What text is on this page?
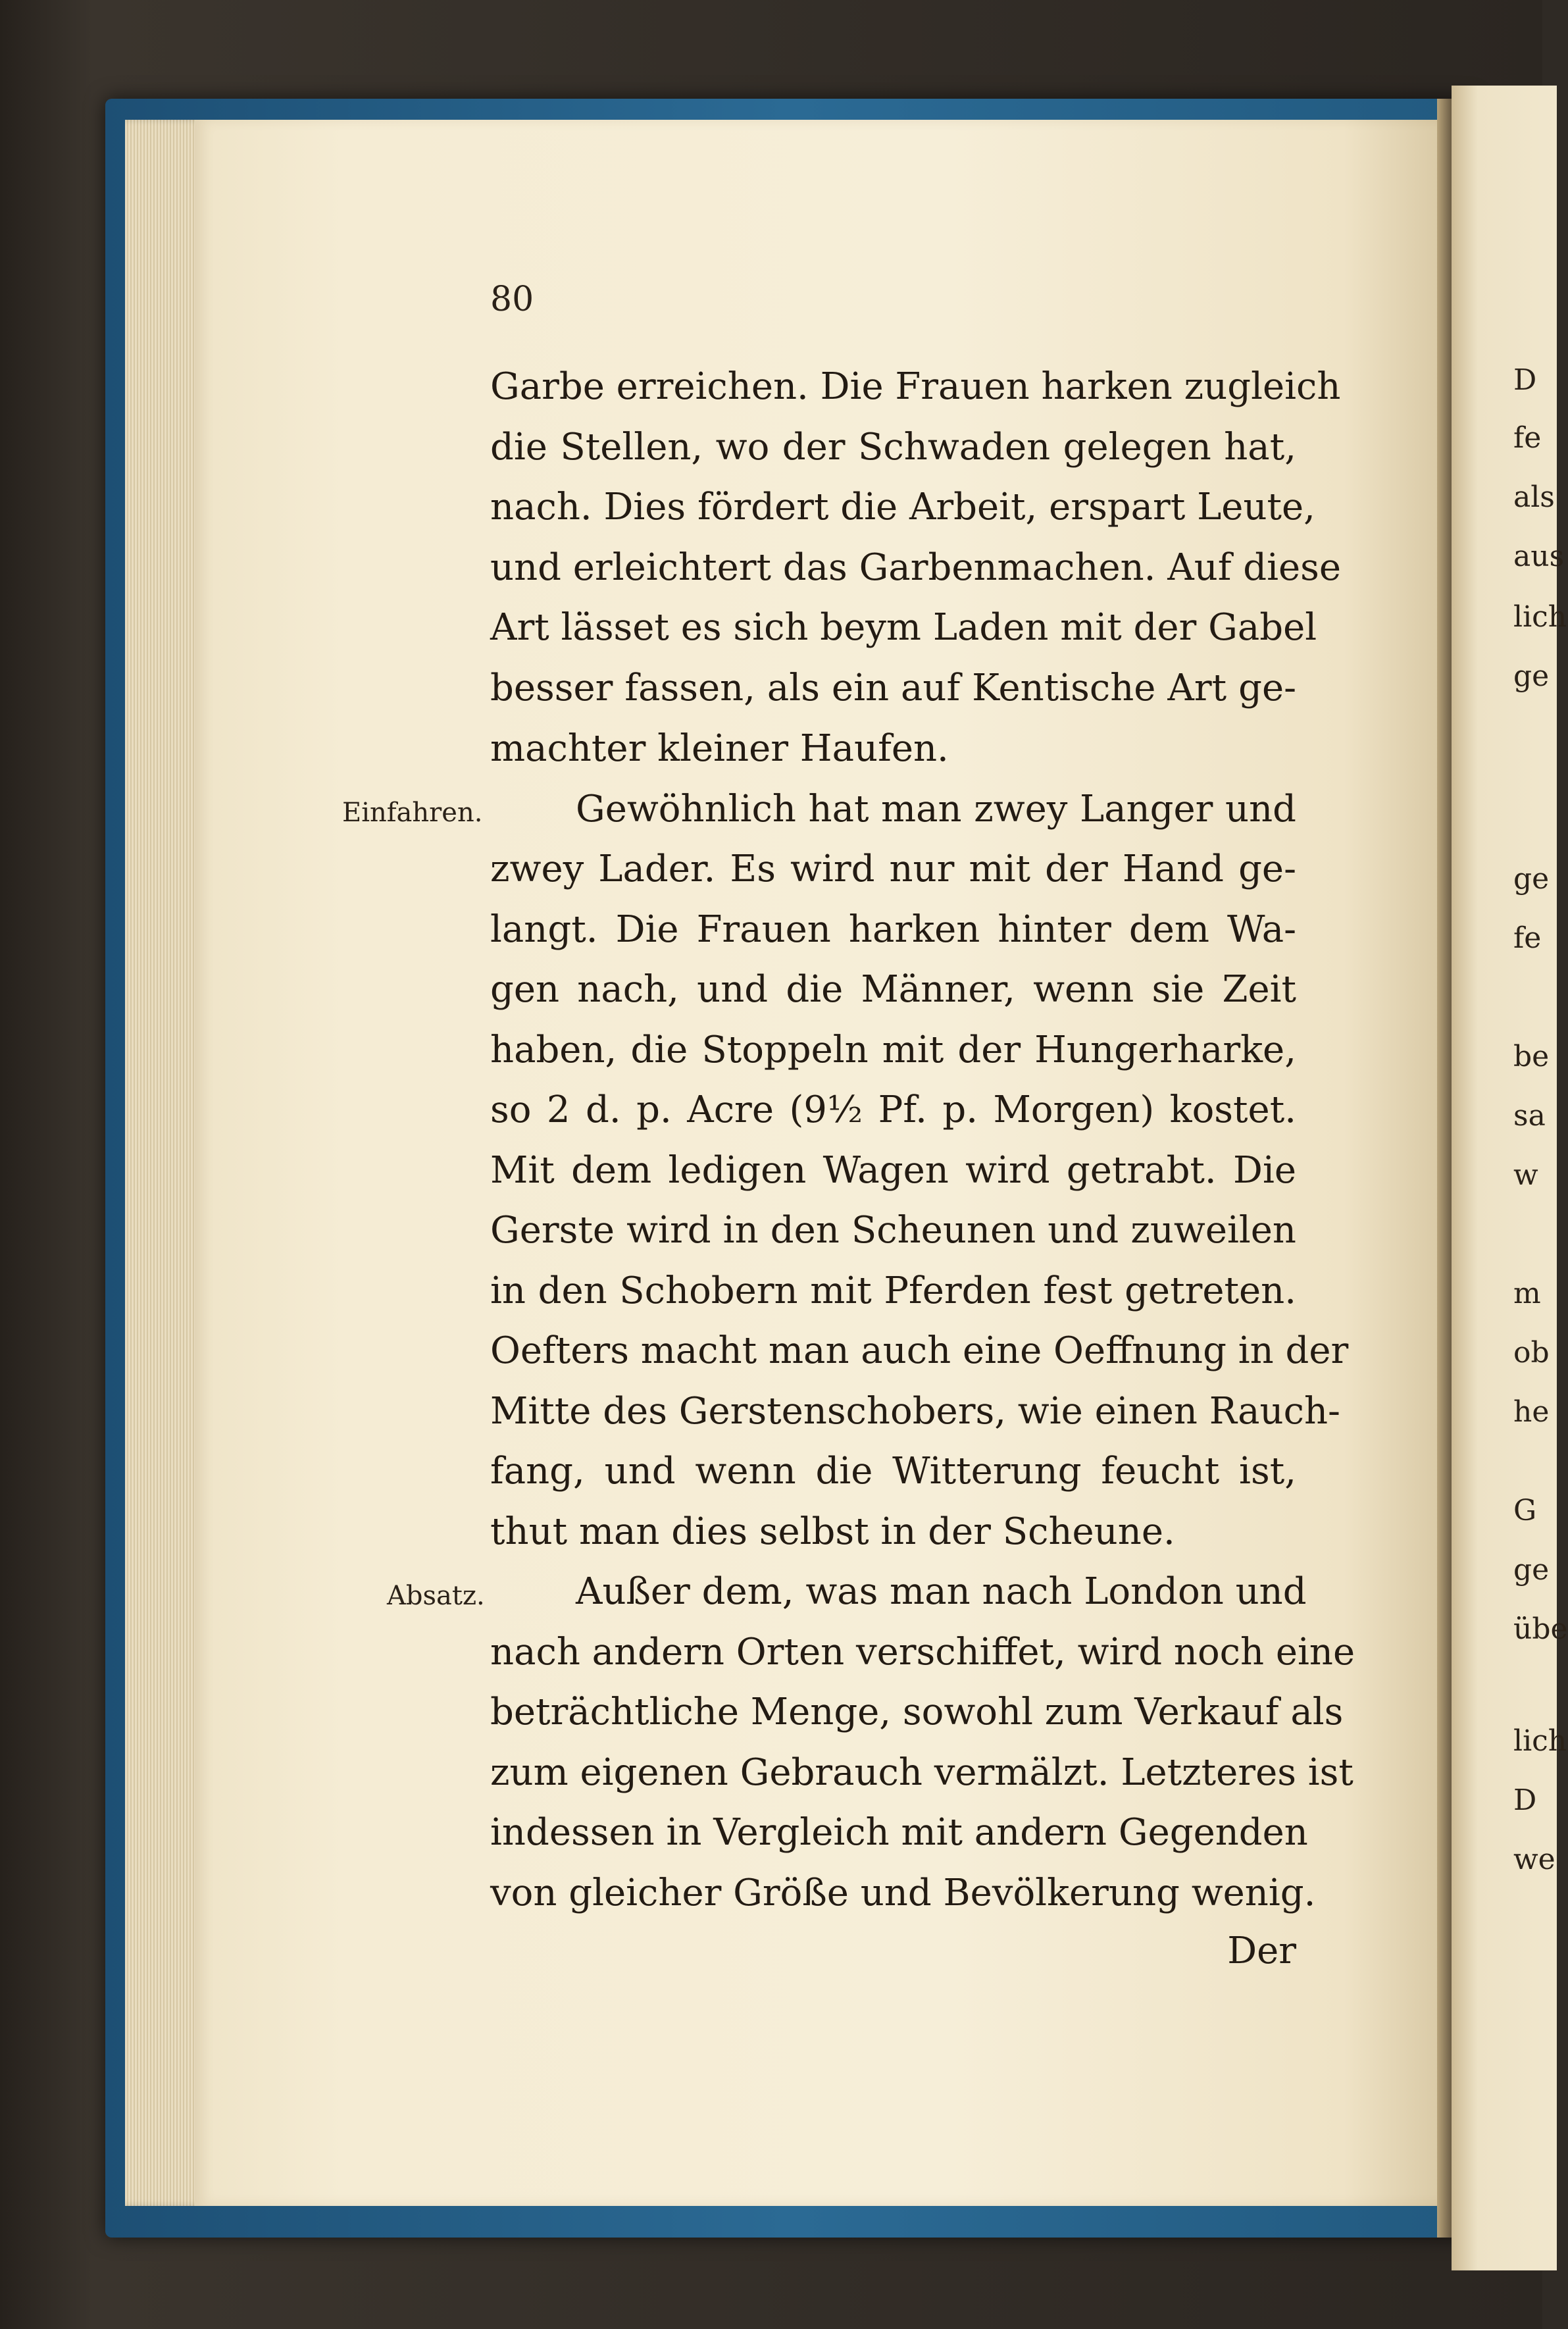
D
fe
als
aus
lich
ge
ge
fe
be
sa
w
m
ob
he
G
ge
übe
lich
D
we
80
Garbe erreichen. Die Frauen harken zugleich
die Stellen, wo der Schwaden gelegen hat,
nach. Dies fördert die Arbeit, erspart Leute,
und erleichtert das Garbenmachen. Auf diese
Art lässet es sich beym Laden mit der Gabel
besser fassen, als ein auf Kentische Art ge-
machter kleiner Haufen.
Einfahren.	Gewöhnlich hat man zwey Langer und
zwey Lader. Es wird nur mit der Hand ge-
langt. Die Frauen harken hinter dem Wa-
gen nach, und die Männer, wenn sie Zeit
haben, die Stoppeln mit der Hungerharke,
so 2 d. p. Acre (9½ Pf. p. Morgen) kostet.
Mit dem ledigen Wagen wird getrabt. Die
Gerste wird in den Scheunen und zuweilen
in den Schobern mit Pferden fest getreten.
Oefters macht man auch eine Oeffnung in der
Mitte des Gerstenschobers, wie einen Rauch-
fang, und wenn die Witterung feucht ist,
thut man dies selbst in der Scheune.
Absatz.	Außer dem, was man nach London und
nach andern Orten verschiffet, wird noch eine
beträchtliche Menge, sowohl zum Verkauf als
zum eigenen Gebrauch vermälzt. Letzteres ist
indessen in Vergleich mit andern Gegenden
von gleicher Größe und Bevölkerung wenig.
Der
